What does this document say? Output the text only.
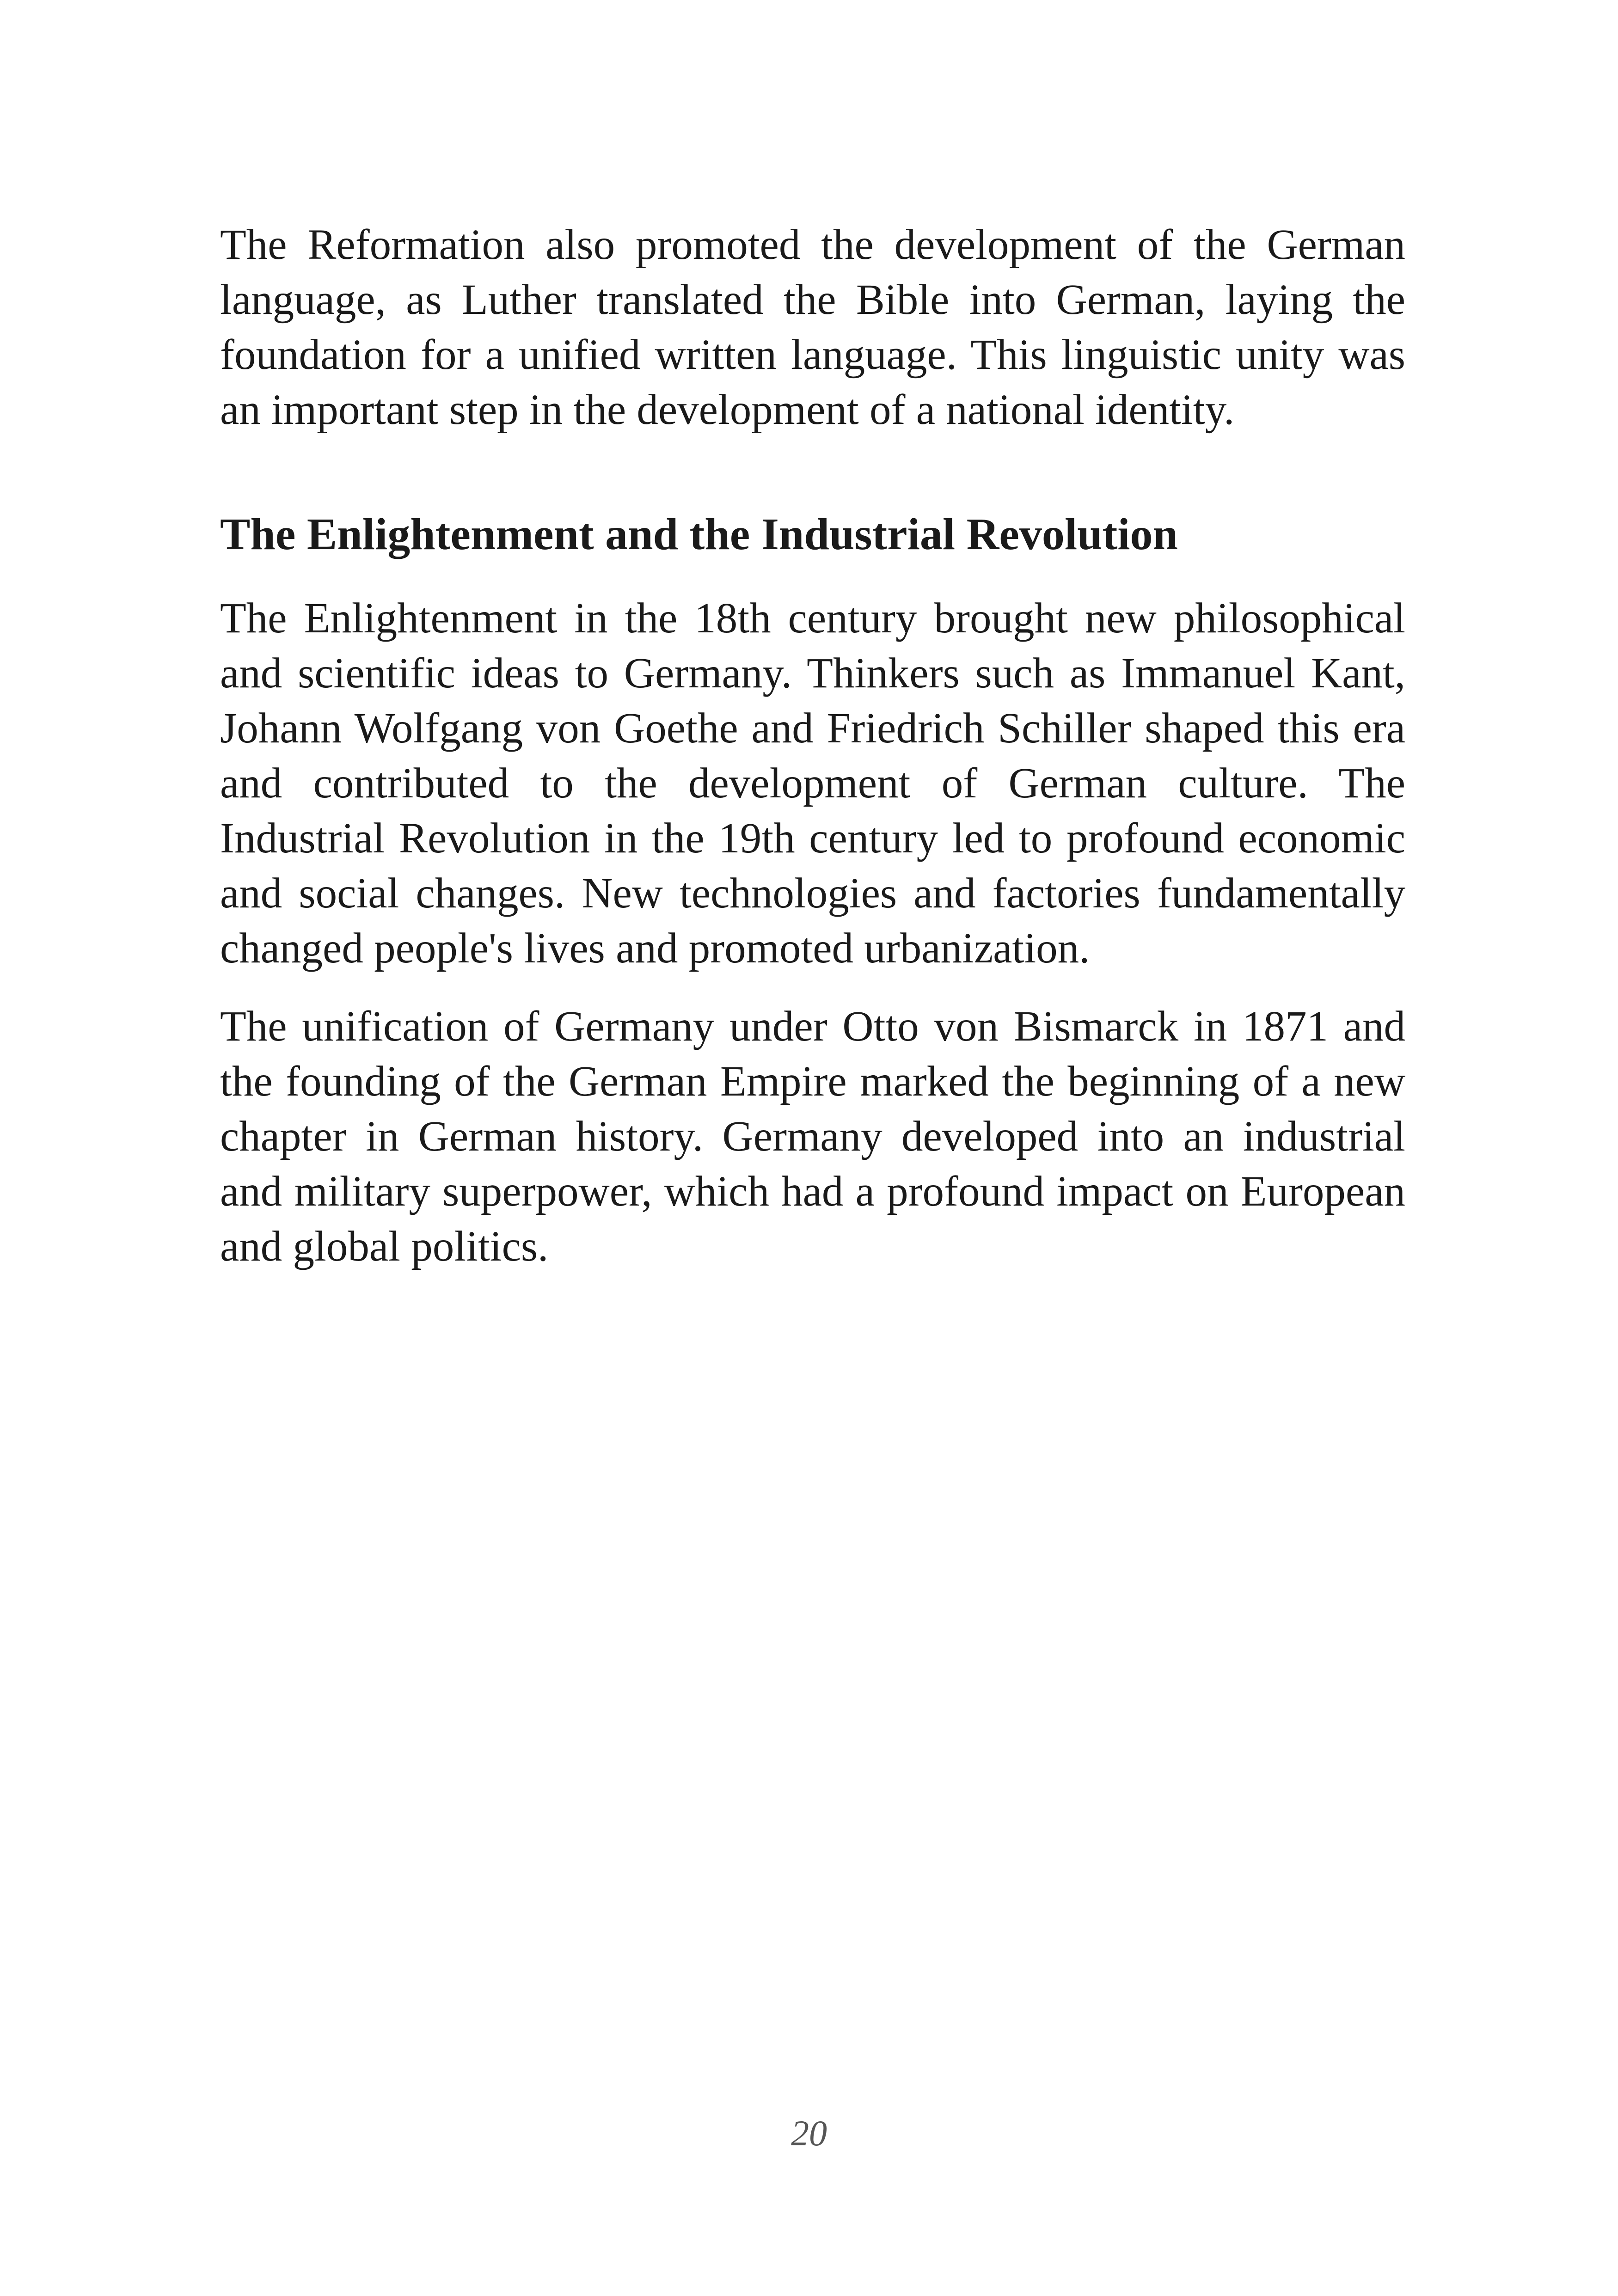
The Reformation also promoted the development of the German language, as Luther translated the Bible into German, laying the foundation for a unified written language. This linguistic unity was an important step in the development of a national identity.

The Enlightenment and the Industrial Revolution

The Enlightenment in the 18th century brought new philosophical and scientific ideas to Germany. Thinkers such as Immanuel Kant, Johann Wolfgang von Goethe and Friedrich Schiller shaped this era and contributed to the development of German culture. The Industrial Revolution in the 19th century led to profound economic and social changes. New technologies and factories fundamentally changed people's lives and promoted urbanization.

The unification of Germany under Otto von Bismarck in 1871 and the founding of the German Empire marked the beginning of a new chapter in German history. Germany developed into an industrial and military superpower, which had a profound impact on European and global politics.

20
